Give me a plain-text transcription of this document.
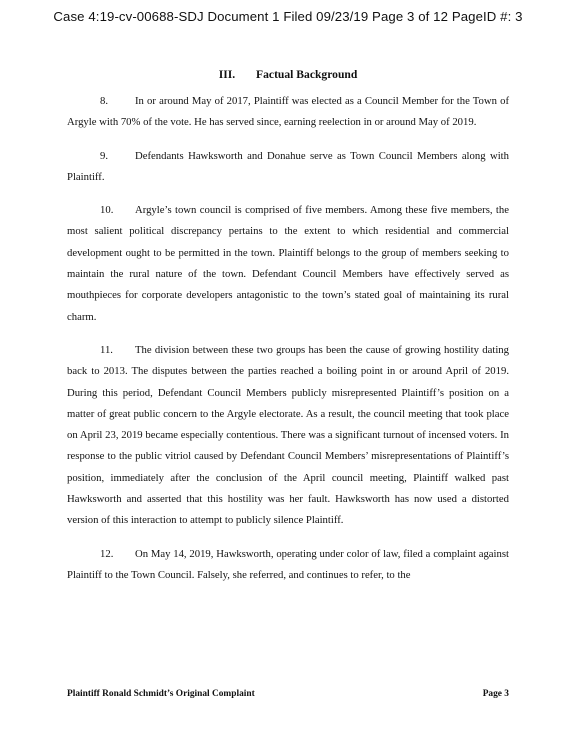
Case 4:19-cv-00688-SDJ Document 1 Filed 09/23/19 Page 3 of 12 PageID #: 3
III. Factual Background

8.	In or around May of 2017, Plaintiff was elected as a Council Member for the Town of Argyle with 70% of the vote. He has served since, earning reelection in or around May of 2019.

9.	Defendants Hawksworth and Donahue serve as Town Council Members along with Plaintiff.

10. Argyle’s town council is comprised of five members. Among these five members, the most salient political discrepancy pertains to the extent to which residential and commercial development ought to be permitted in the town. Plaintiff belongs to the group of members seeking to maintain the rural nature of the town. Defendant Council Members have effectively served as mouthpieces for corporate developers antagonistic to the town’s stated goal of maintaining its rural charm.

11. The division between these two groups has been the cause of growing hostility dating back to 2013. The disputes between the parties reached a boiling point in or around April of 2019. During this period, Defendant Council Members publicly misrepresented Plaintiff’s position on a matter of great public concern to the Argyle electorate. As a result, the council meeting that took place on April 23, 2019 became especially contentious. There was a significant turnout of incensed voters. In response to the public vitriol caused by Defendant Council Members’ misrepresentations of Plaintiff’s position, immediately after the conclusion of the April council meeting, Plaintiff walked past Hawksworth and asserted that this hostility was her fault. Hawksworth has now used a distorted version of this interaction to attempt to publicly silence Plaintiff.

12. On May 14, 2019, Hawksworth, operating under color of law, filed a complaint against Plaintiff to the Town Council. Falsely, she referred, and continues to refer, to the

Plaintiff Ronald Schmidt’s Original Complaint	Page 3
